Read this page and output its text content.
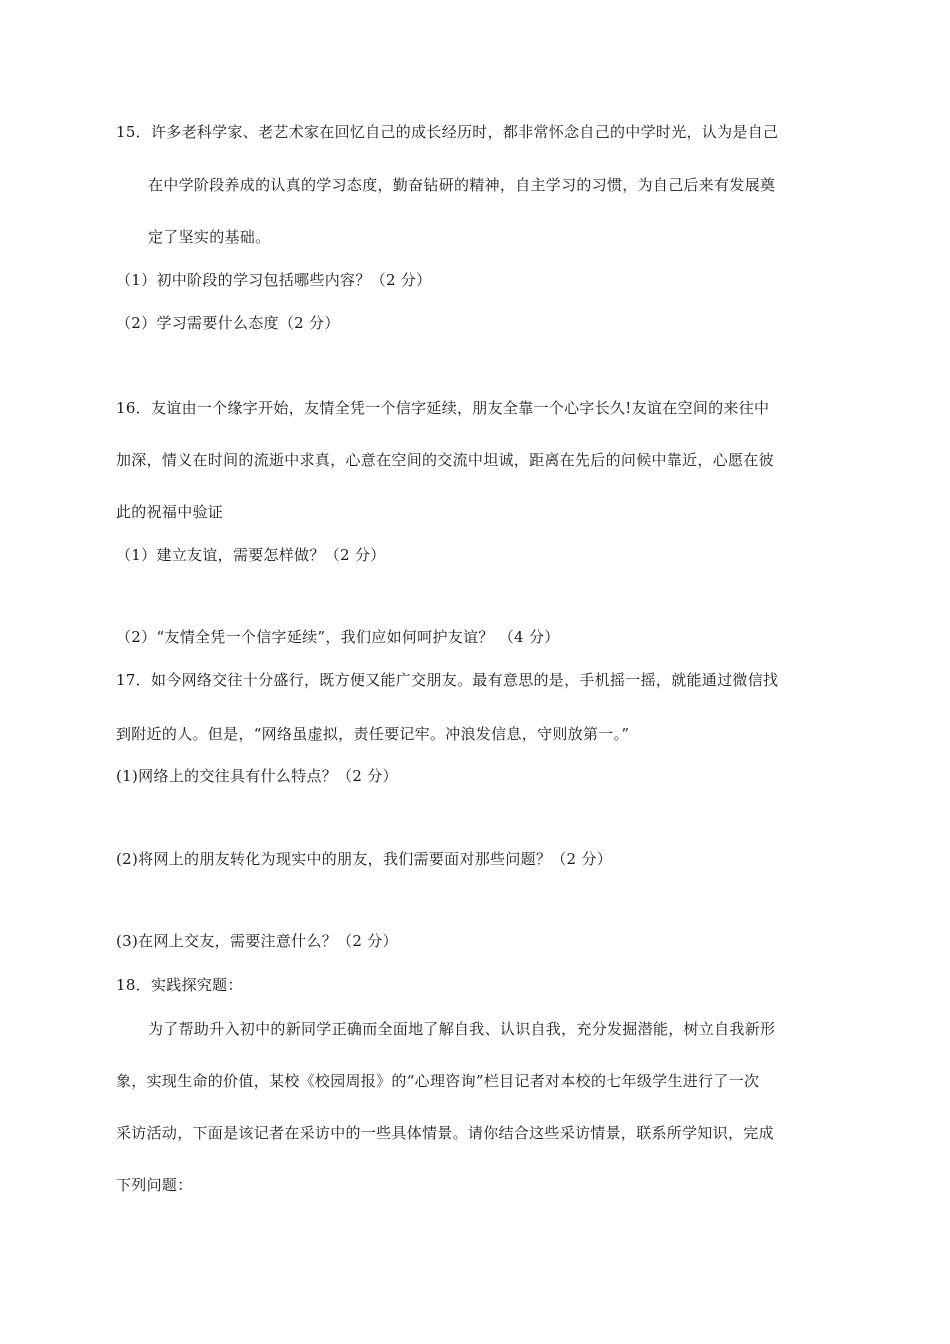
15．许多老科学家、老艺术家在回忆自己的成长经历时，都非常怀念自己的中学时光，认为是自己
在中学阶段养成的认真的学习态度，勤奋钻研的精神，自主学习的习惯，为自己后来有发展奠
定了坚实的基础。
（1）初中阶段的学习包括哪些内容？（2 分）
（2）学习需要什么态度（2 分）
16．友谊由一个缘字开始，友情全凭一个信字延续，朋友全靠一个心字长久!友谊在空间的来往中
加深，情义在时间的流逝中求真，心意在空间的交流中坦诚，距离在先后的问候中靠近，心愿在彼
此的祝福中验证
（1）建立友谊，需要怎样做？（2 分）
（2）“友情全凭一个信字延续”，我们应如何呵护友谊？ （4 分）
17．如今网络交往十分盛行，既方便又能广交朋友。最有意思的是，手机摇一摇，就能通过微信找
到附近的人。但是，“网络虽虚拟，责任要记牢。冲浪发信息，守则放第一。”
(1)网络上的交往具有什么特点？（2 分）
(2)将网上的朋友转化为现实中的朋友，我们需要面对那些问题？（2 分）
(3)在网上交友，需要注意什么？（2 分）
18．实践探究题：
为了帮助升入初中的新同学正确而全面地了解自我、认识自我，充分发掘潜能，树立自我新形
象，实现生命的价值，某校《校园周报》的“心理咨询”栏目记者对本校的七年级学生进行了一次
采访活动，下面是该记者在采访中的一些具体情景。请你结合这些采访情景，联系所学知识，完成
下列问题：
